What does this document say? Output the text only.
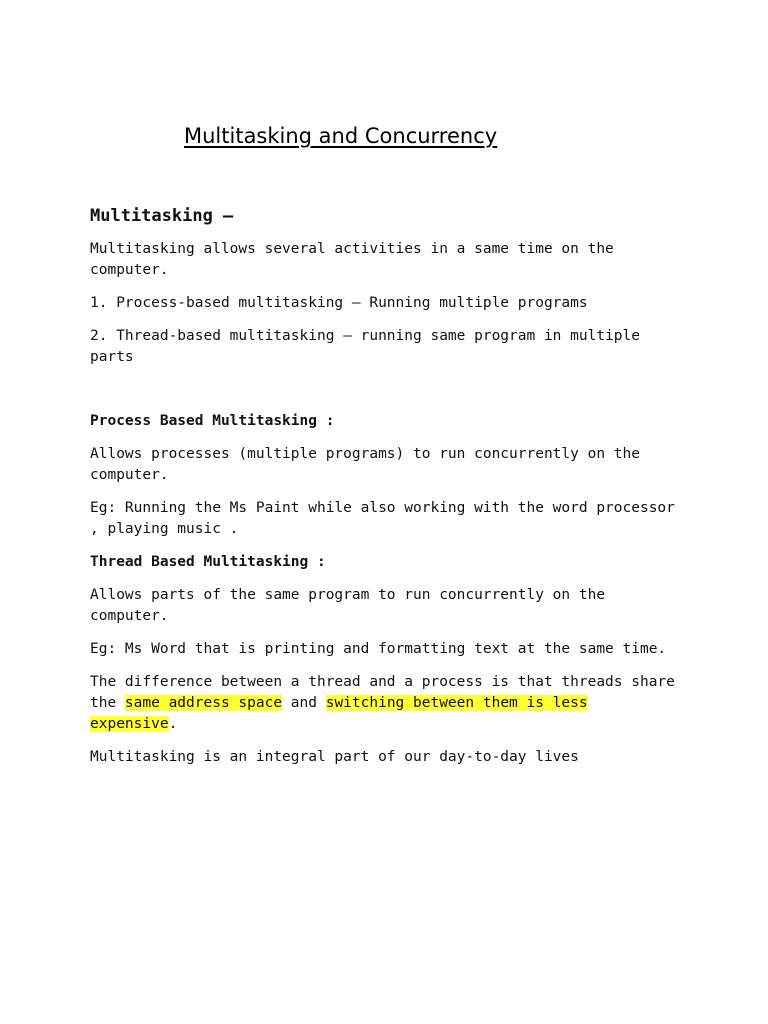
Multitasking and Concurrency

Multitasking –

Multitasking allows several activities in a same time on the computer.

1. Process-based multitasking – Running multiple programs

2. Thread-based multitasking – running same program in multiple parts

Process Based Multitasking :

Allows processes (multiple programs) to run concurrently on the computer.

Eg: Running the Ms Paint while also working with the word processor , playing music .

Thread Based Multitasking :

Allows parts of the same program to run concurrently on the computer.

Eg: Ms Word that is printing and formatting text at the same time.

The difference between a thread and a process is that threads share the same address space and switching between them is less expensive.

Multitasking is an integral part of our day-to-day lives
